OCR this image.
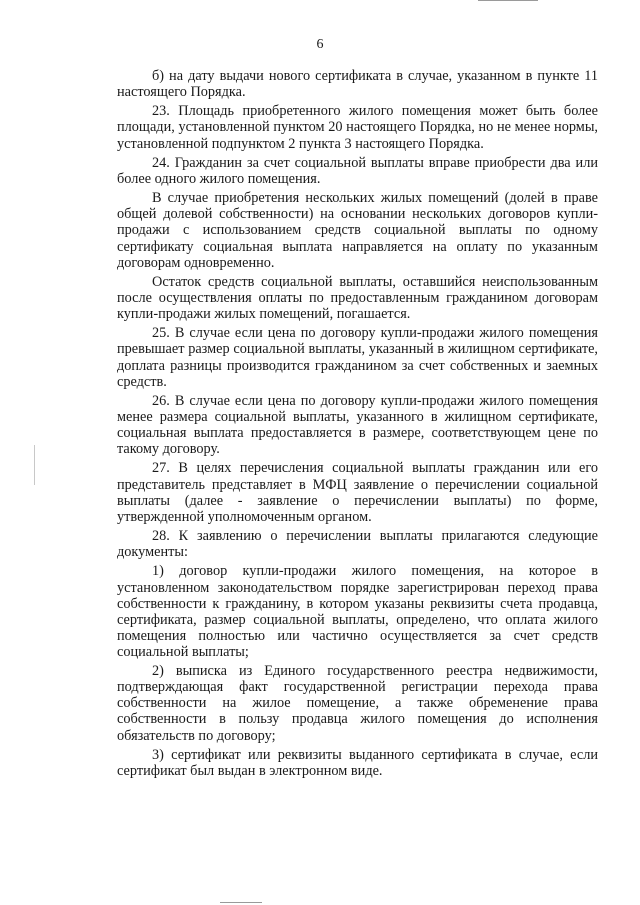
6

б) на дату выдачи нового сертификата в случае, указанном в пункте 11 настоящего Порядка.

23. Площадь приобретенного жилого помещения может быть более площади, установленной пунктом 20 настоящего Порядка, но не менее нормы, установленной подпунктом 2 пункта 3 настоящего Порядка.

24. Гражданин за счет социальной выплаты вправе приобрести два или более одного жилого помещения.

В случае приобретения нескольких жилых помещений (долей в праве общей долевой собственности) на основании нескольких договоров купли-продажи с использованием средств социальной выплаты по одному сертификату социальная выплата направляется на оплату по указанным договорам одновременно.

Остаток средств социальной выплаты, оставшийся неиспользованным после осуществления оплаты по предоставленным гражданином договорам купли-продажи жилых помещений, погашается.

25. В случае если цена по договору купли-продажи жилого помещения превышает размер социальной выплаты, указанный в жилищном сертификате, доплата разницы производится гражданином за счет собственных и заемных средств.

26. В случае если цена по договору купли-продажи жилого помещения менее размера социальной выплаты, указанного в жилищном сертификате, социальная выплата предоставляется в размере, соответствующем цене по такому договору.

27. В целях перечисления социальной выплаты гражданин или его представитель представляет в МФЦ заявление о перечислении социальной выплаты (далее - заявление о перечислении выплаты) по форме, утвержденной уполномоченным органом.

28. К заявлению о перечислении выплаты прилагаются следующие документы:

1) договор купли-продажи жилого помещения, на которое в установленном законодательством порядке зарегистрирован переход права собственности к гражданину, в котором указаны реквизиты счета продавца, сертификата, размер социальной выплаты, определено, что оплата жилого помещения полностью или частично осуществляется за счет средств социальной выплаты;

2) выписка из Единого государственного реестра недвижимости, подтверждающая факт государственной регистрации перехода права собственности на жилое помещение, а также обременение права собственности в пользу продавца жилого помещения до исполнения обязательств по договору;

3) сертификат или реквизиты выданного сертификата в случае, если сертификат был выдан в электронном виде.
